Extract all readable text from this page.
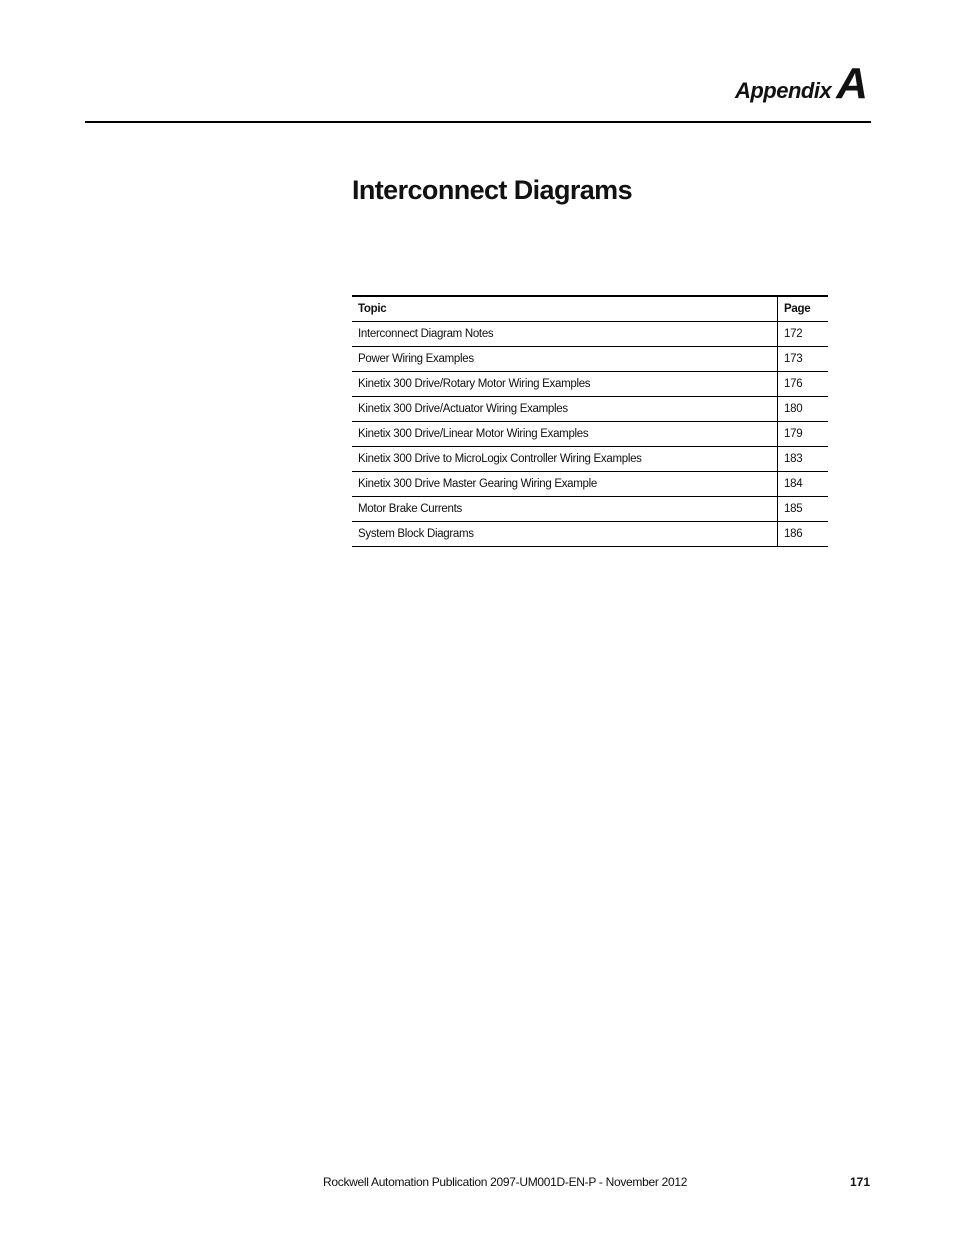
Appendix A
Interconnect Diagrams
Topic	Page
Interconnect Diagram Notes	172
Power Wiring Examples	173
Kinetix 300 Drive/Rotary Motor Wiring Examples	176
Kinetix 300 Drive/Actuator Wiring Examples	180
Kinetix 300 Drive/Linear Motor Wiring Examples	179
Kinetix 300 Drive to MicroLogix Controller Wiring Examples	183
Kinetix 300 Drive Master Gearing Wiring Example	184
Motor Brake Currents	185
System Block Diagrams	186
Rockwell Automation Publication 2097-UM001D-EN-P - November 2012	171
